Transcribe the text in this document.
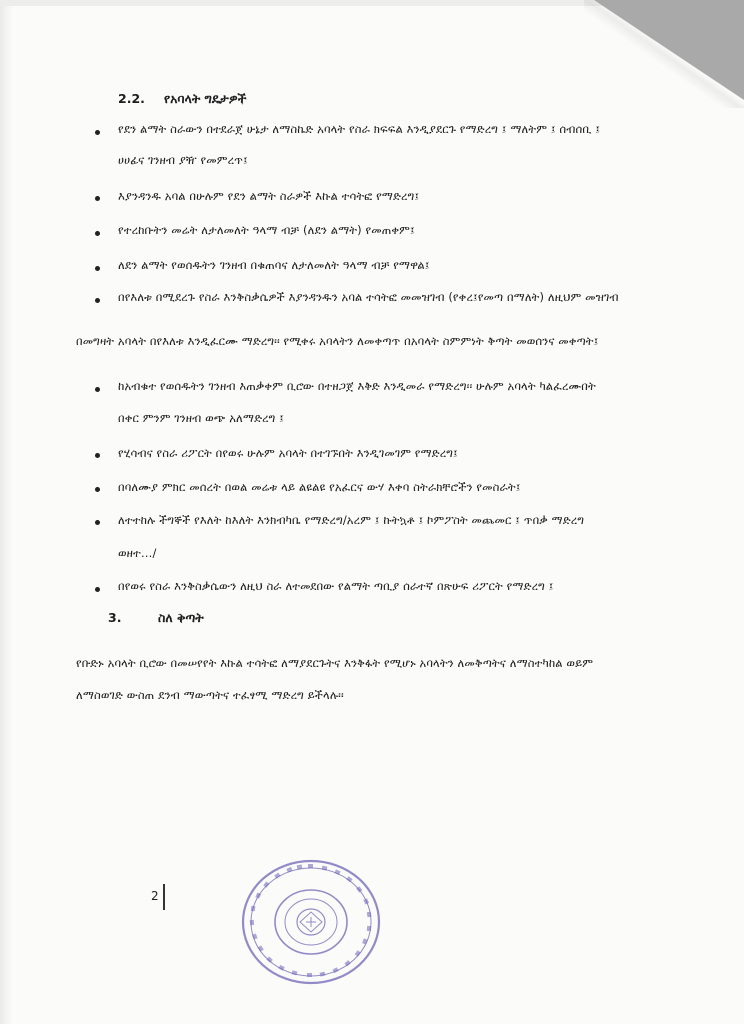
2.2. የአባላት ግዴታዎች
የደን ልማት ስራውን በተደራጀ ሁኔታ ለማስኬድ አባላት የስራ ክፍፍል እንዲያደርጉ የማድረግ ፤ ማለትም ፤ ሰብሰቢ ፤
ሀሀፊና ገንዘብ ያዥ የመምረጥ፤
እያንዳንዱ አባል በሁሉም የደን ልማት ስራዎች እኩል ተሳትፎ የማድረግ፤
የተረከቡትን መሬት ለታለመለት ዓላማ ብቻ (ለደን ልማት) የመጠቀም፤
ለደን ልማት የወሰዱትን ገንዘብ በቁጠባና ለታለመለት ዓላማ ብቻ የማዋል፤
በየእለቱ በሚደረጉ የስራ እንቅስቃሴዎች እያንዳንዱን አባል ተሳትፎ መመዝገብ (የቀረ፤የመጣ በማለት) ለዚህም መዝገብ
በመግዛት አባላት በየእለቱ እንዲፈርሙ ማድረግ፡፡ የሚቀሩ አባላትን ለመቀጣጥ በአባላት ስምምነት ቅጣት መወሰንና መቀጣት፤
ከአብቁተ የወሰዱትን ገንዘብ እጠቃቀም ቢሮው በተዘጋጀ እቅድ እንዲመራ የማድረግ፡፡ ሁሉም አባላት ካልፈረሙበት
በቀር ምንም ገንዘብ ወጭ አለማድረግ ፤
የሂሳብና የስራ ሪፖርት በየወሩ ሁሉም አባላት በተገኙበት እንዲገመገም የማድረግ፤
በባለሙያ ምክር መሰረት በወል መሬቱ ላይ ልዩልዩ የአፈርና ውሃ እቀባ ስትራክቸሮችን የመስራት፤
ለተተከሉ ችግኞች የእለት ከእለት እንክብካቤ የማድረግ/አረም ፤ ኩትኳቶ ፤ ኮምፖስት መጨመር ፤ ጥበቃ ማድረግ
ወዘተ…/
በየወሩ የስራ እንቅስቃሴውን ለዚህ ስራ ለተመደበው የልማት ጣቢያ ሰራተኛ በጽሁፍ ሪፖርት የማድረግ ፤
3.	ስለ ቅጣት
የቡድኑ አባላት ቢሮው በመሠየየት እኩል ተሳትፎ ለማያደርጉትና እንቅፋት የሚሆኑ አባላትን ለመቅጣትና ለማስተካከል ወይም
ለማስወገድ ውስጠ ደንብ ማውጣትና ተፈፃሚ ማድረግ ይችላሉ፡፡
2
